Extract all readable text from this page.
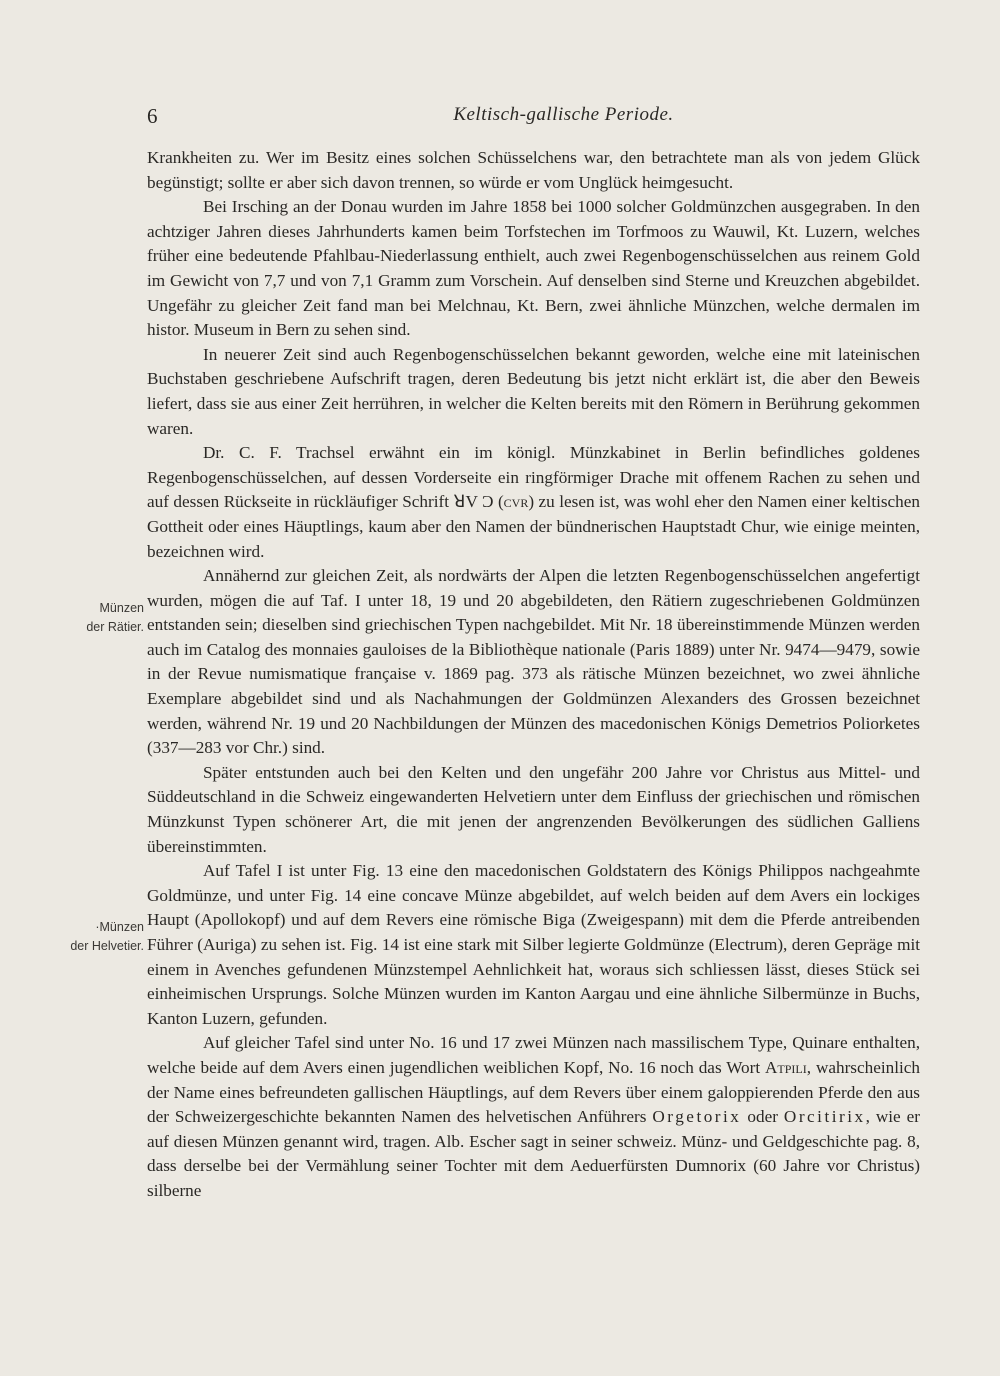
6	Keltisch-gallische Periode.
Münzen
der Rätier.
·Münzen
der Helvetier.

Krankheiten zu. Wer im Besitz eines solchen Schüsselchens war, den betrachtete man als von jedem Glück begünstigt; sollte er aber sich davon trennen, so würde er vom Unglück heimgesucht.

Bei Irsching an der Donau wurden im Jahre 1858 bei 1000 solcher Goldmünzchen ausgegraben. In den achtziger Jahren dieses Jahrhunderts kamen beim Torfstechen im Torfmoos zu Wauwil, Kt. Luzern, welches früher eine bedeutende Pfahlbau-Niederlassung enthielt, auch zwei Regenbogenschüsselchen aus reinem Gold im Gewicht von 7,7 und von 7,1 Gramm zum Vorschein. Auf denselben sind Sterne und Kreuzchen abgebildet. Ungefähr zu gleicher Zeit fand man bei Melchnau, Kt. Bern, zwei ähnliche Münzchen, welche dermalen im histor. Museum in Bern zu sehen sind.

In neuerer Zeit sind auch Regenbogenschüsselchen bekannt geworden, welche eine mit lateinischen Buchstaben geschriebene Aufschrift tragen, deren Bedeutung bis jetzt nicht erklärt ist, die aber den Beweis liefert, dass sie aus einer Zeit herrühren, in welcher die Kelten bereits mit den Römern in Berührung gekommen waren.

Dr. C. F. Trachsel erwähnt ein im königl. Münzkabinet in Berlin befindliches goldenes Regenbogenschüsselchen, auf dessen Vorderseite ein ringförmiger Drache mit offenem Rachen zu sehen und auf dessen Rückseite in rückläufiger Schrift ꓤV Ɔ (cvr) zu lesen ist, was wohl eher den Namen einer keltischen Gottheit oder eines Häuptlings, kaum aber den Namen der bündnerischen Hauptstadt Chur, wie einige meinten, bezeichnen wird.

Annähernd zur gleichen Zeit, als nordwärts der Alpen die letzten Regenbogenschüsselchen angefertigt wurden, mögen die auf Taf. I unter 18, 19 und 20 abgebildeten, den Rätiern zugeschriebenen Goldmünzen entstanden sein; dieselben sind griechischen Typen nachgebildet. Mit Nr. 18 übereinstimmende Münzen werden auch im Catalog des monnaies gauloises de la Bibliothèque nationale (Paris 1889) unter Nr. 9474—9479, sowie in der Revue numismatique française v. 1869 pag. 373 als rätische Münzen bezeichnet, wo zwei ähnliche Exemplare abgebildet sind und als Nachahmungen der Goldmünzen Alexanders des Grossen bezeichnet werden, während Nr. 19 und 20 Nachbildungen der Münzen des macedonischen Königs Demetrios Poliorketes (337—283 vor Chr.) sind.

Später entstunden auch bei den Kelten und den ungefähr 200 Jahre vor Christus aus Mittel- und Süddeutschland in die Schweiz eingewanderten Helvetiern unter dem Einfluss der griechischen und römischen Münzkunst Typen schönerer Art, die mit jenen der angrenzenden Bevölkerungen des südlichen Galliens übereinstimmten.

Auf Tafel I ist unter Fig. 13 eine den macedonischen Goldstatern des Königs Philippos nachgeahmte Goldmünze, und unter Fig. 14 eine concave Münze abgebildet, auf welch beiden auf dem Avers ein lockiges Haupt (Apollokopf) und auf dem Revers eine römische Biga (Zweigespann) mit dem die Pferde antreibenden Führer (Auriga) zu sehen ist. Fig. 14 ist eine stark mit Silber legierte Goldmünze (Electrum), deren Gepräge mit einem in Avenches gefundenen Münzstempel Aehnlichkeit hat, woraus sich schliessen lässt, dieses Stück sei einheimischen Ursprungs. Solche Münzen wurden im Kanton Aargau und eine ähnliche Silbermünze in Buchs, Kanton Luzern, gefunden.

Auf gleicher Tafel sind unter No. 16 und 17 zwei Münzen nach massilischem Type, Quinare enthalten, welche beide auf dem Avers einen jugendlichen weiblichen Kopf, No. 16 noch das Wort Atpili, wahrscheinlich der Name eines befreundeten gallischen Häuptlings, auf dem Revers über einem galoppierenden Pferde den aus der Schweizergeschichte bekannten Namen des helvetischen Anführers Orgetorix oder Orcitirix, wie er auf diesen Münzen genannt wird, tragen. Alb. Escher sagt in seiner schweiz. Münz- und Geldgeschichte pag. 8, dass derselbe bei der Vermählung seiner Tochter mit dem Aeduerfürsten Dumnorix (60 Jahre vor Christus) silberne
